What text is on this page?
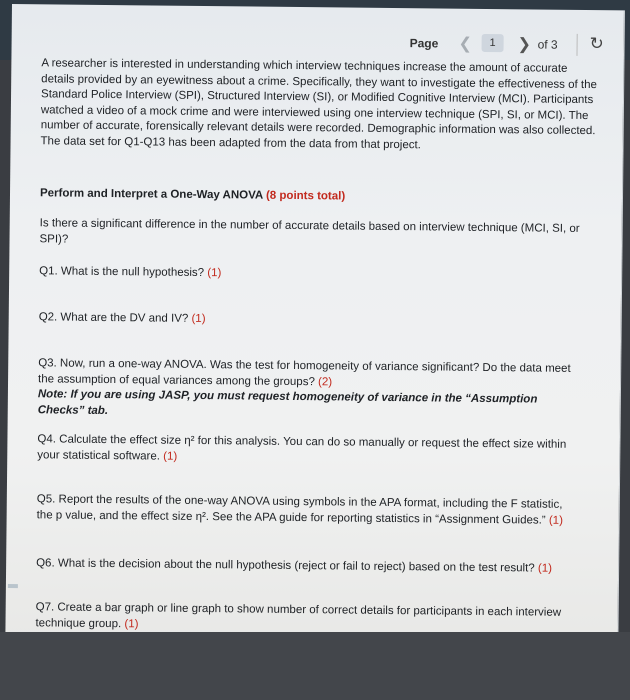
Page ❮	1	❯ of 3 ↻

A researcher is interested in understanding which interview techniques increase the amount of accurate details provided by an eyewitness about a crime. Specifically, they want to investigate the effectiveness of the Standard Police Interview (SPI), Structured Interview (SI), or Modified Cognitive Interview (MCI). Participants watched a video of a mock crime and were interviewed using one interview technique (SPI, SI, or MCI). The number of accurate, forensically relevant details were recorded. Demographic information was also collected. The data set for Q1-Q13 has been adapted from the data from that project.

Perform and Interpret a One-Way ANOVA (8 points total)

Is there a significant difference in the number of accurate details based on interview technique (MCI, SI, or SPI)?

Q1. What is the null hypothesis? (1)

Q2. What are the DV and IV? (1)

Q3. Now, run a one-way ANOVA. Was the test for homogeneity of variance significant? Do the data meet the assumption of equal variances among the groups? (2)
Note: If you are using JASP, you must request homogeneity of variance in the “Assumption Checks” tab.

Q4. Calculate the effect size η² for this analysis. You can do so manually or request the effect size within your statistical software. (1)

Q5. Report the results of the one-way ANOVA using symbols in the APA format, including the F statistic, the p value, and the effect size η². See the APA guide for reporting statistics in “Assignment Guides.” (1)

Q6. What is the decision about the null hypothesis (reject or fail to reject) based on the test result? (1)

Q7. Create a bar graph or line graph to show number of correct details for participants in each interview technique group. (1)
